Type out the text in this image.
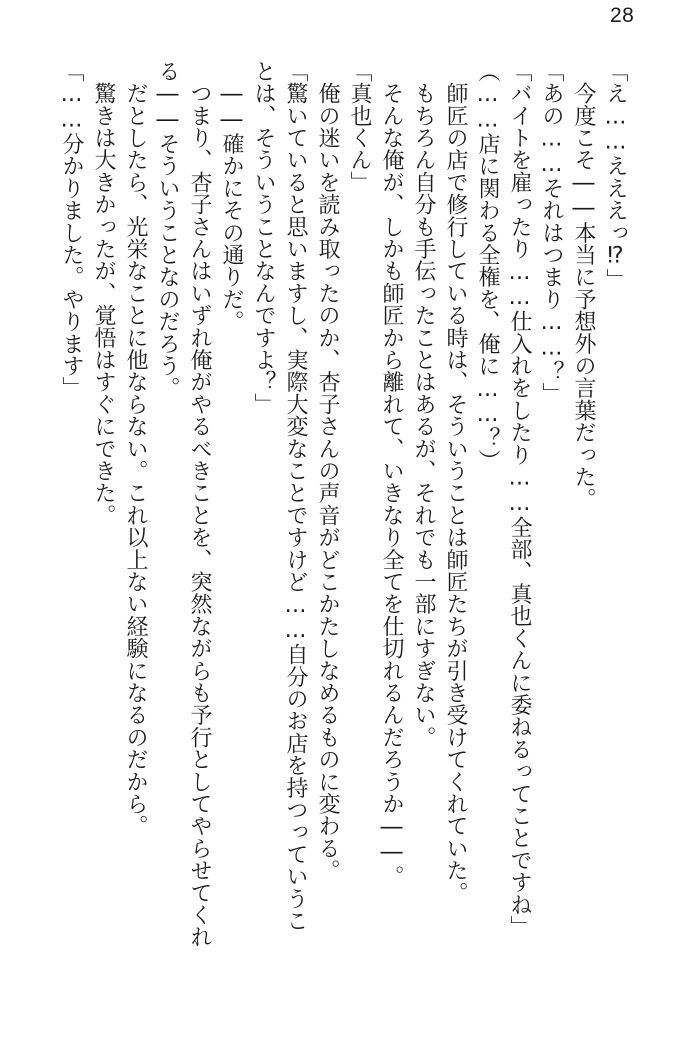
28
「え……えええっ⁉」
　今度こそ――本当に予想外の言葉だった。
「あの……それはつまり……？」
「バイトを雇ったり……仕入れをしたり……全部、真也くんに委ねるってことですね」
（……店に関わる全権を、俺に……？）
　師匠の店で修行している時は、そういうことは師匠たちが引き受けてくれていた。
　もちろん自分も手伝ったことはあるが、それでも一部にすぎない。
　そんな俺が、しかも師匠から離れて、いきなり全てを仕切れるんだろうか――。
「真也くん」
　俺の迷いを読み取ったのか、杏子さんの声音がどこかたしなめるものに変わる。
「驚いていると思いますし、実際大変なことですけど……自分のお店を持つっていうこ
とは、そういうことなんですよ？」
　――確かにその通りだ。
　つまり、杏子さんはいずれ俺がやるべきことを、突然ながらも予行としてやらせてくれ
る――そういうことなのだろう。
　だとしたら、光栄なことに他ならない。これ以上ない経験になるのだから。
　驚きは大きかったが、覚悟はすぐにできた。
「……分かりました。やります」
